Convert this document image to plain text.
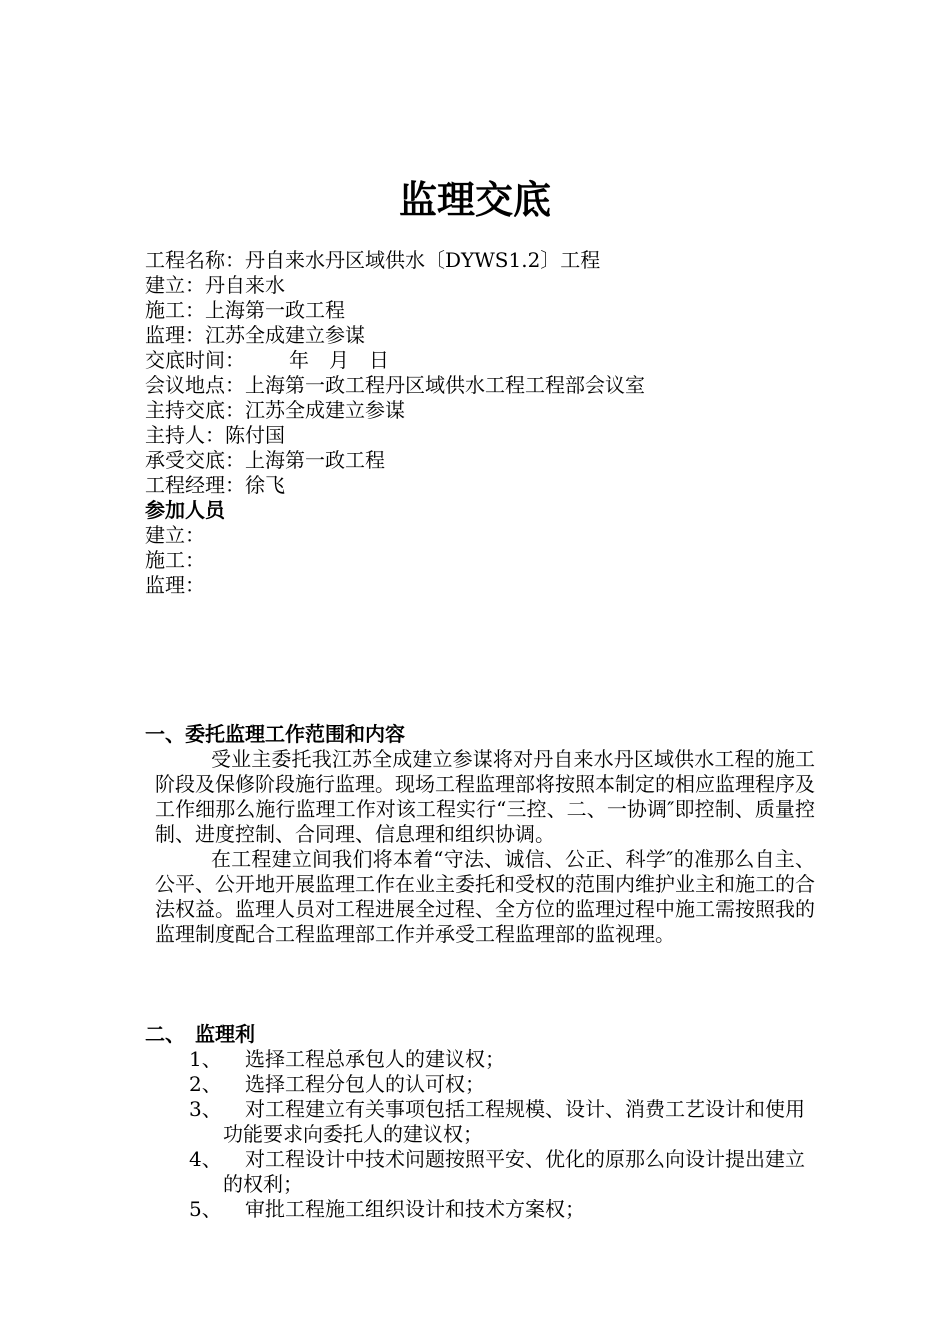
监理交底
工程名称：丹自来水丹区域供水〔DYWS1.2〕工程
建立：丹自来水
施工：上海第一政工程
监理：江苏全成建立参谋
交底时间： 年 月 日
会议地点：上海第一政工程丹区域供水工程工程部会议室
主持交底：江苏全成建立参谋
主持人：陈付国
承受交底：上海第一政工程
工程经理：徐飞
参加人员
建立：
施工：
监理：

一、委托监理工作范围和内容

受业主委托我江苏全成建立参谋将对丹自来水丹区域供水工程的施工阶段及保修阶段施行监理。现场工程监理部将按照本制定的相应监理程序及工作细那么施行监理工作对该工程实行“三控、二、一协调″即控制、质量控制、进度控制、合同理、信息理和组织协调。

在工程建立间我们将本着“守法、诚信、公正、科学″的准那么自主、公平、公开地开展监理工作在业主委托和受权的范围内维护业主和施工的合法权益。监理人员对工程进展全过程、全方位的监理过程中施工需按照我的监理制度配合工程监理部工作并承受工程监理部的监视理。

二、　监理利

1、	选择工程总承包人的建议权；
2、	选择工程分包人的认可权；
3、	对工程建立有关事项包括工程规模、设计、消费工艺设计和使用功能要求向委托人的建议权；
4、	对工程设计中技术问题按照平安、优化的原那么向设计提出建立的权利；
5、	审批工程施工组织设计和技术方案权；
